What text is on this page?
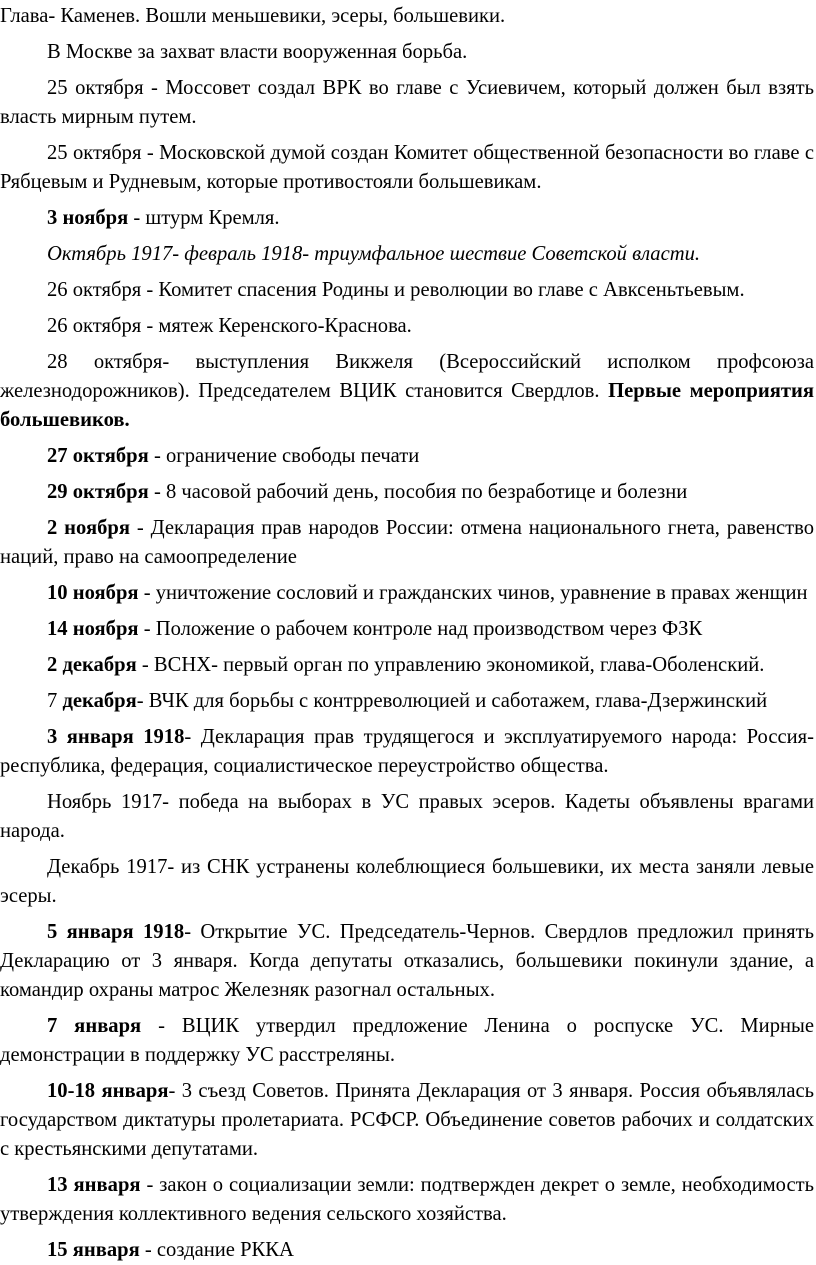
Глава- Каменев. Вошли меньшевики, эсеры, большевики.

В Москве за захват власти вооруженная борьба.

25 октября - Моссовет создал ВРК во главе с Усиевичем, который должен был взять власть мирным путем.

25 октября - Московской думой создан Комитет общественной безопасности во главе с Рябцевым и Рудневым, которые противостояли большевикам.

3 ноября - штурм Кремля.

Октябрь 1917- февраль 1918- триумфальное шествие Советской власти.

26 октября - Комитет спасения Родины и революции во главе с Авксеньтьевым.

26 октября - мятеж Керенского-Краснова.

28 октября- выступления Викжеля (Всероссийский исполком профсоюза железнодорожников). Председателем ВЦИК становится Свердлов. Первые мероприятия большевиков.

27 октября - ограничение свободы печати

29 октября - 8 часовой рабочий день, пособия по безработице и болезни

2 ноября - Декларация прав народов России: отмена национального гнета, равенство наций, право на самоопределение

10 ноября - уничтожение сословий и гражданских чинов, уравнение в правах женщин

14 ноября - Положение о рабочем контроле над производством через ФЗК

2 декабря - ВСНХ- первый орган по управлению экономикой, глава-Оболенский.

7 декабря- ВЧК для борьбы с контрреволюцией и саботажем, глава-Дзержинский

3 января 1918- Декларация прав трудящегося и эксплуатируемого народа: Россия- республика, федерация, социалистическое переустройство общества.

Ноябрь 1917- победа на выборах в УС правых эсеров. Кадеты объявлены врагами народа.

Декабрь 1917- из СНК устранены колеблющиеся большевики, их места заняли левые эсеры.

5 января 1918- Открытие УС. Председатель-Чернов. Свердлов предложил принять Декларацию от 3 января. Когда депутаты отказались, большевики покинули здание, а командир охраны матрос Железняк разогнал остальных.

7 января - ВЦИК утвердил предложение Ленина о роспуске УС. Мирные демонстрации в поддержку УС расстреляны.

10-18 января- 3 съезд Советов. Принята Декларация от 3 января. Россия объявлялась государством диктатуры пролетариата. РСФСР. Объединение советов рабочих и солдатских с крестьянскими депутатами.

13 января - закон о социализации земли: подтвержден декрет о земле, необходимость утверждения коллективного ведения сельского хозяйства.

15 января - создание РККА
